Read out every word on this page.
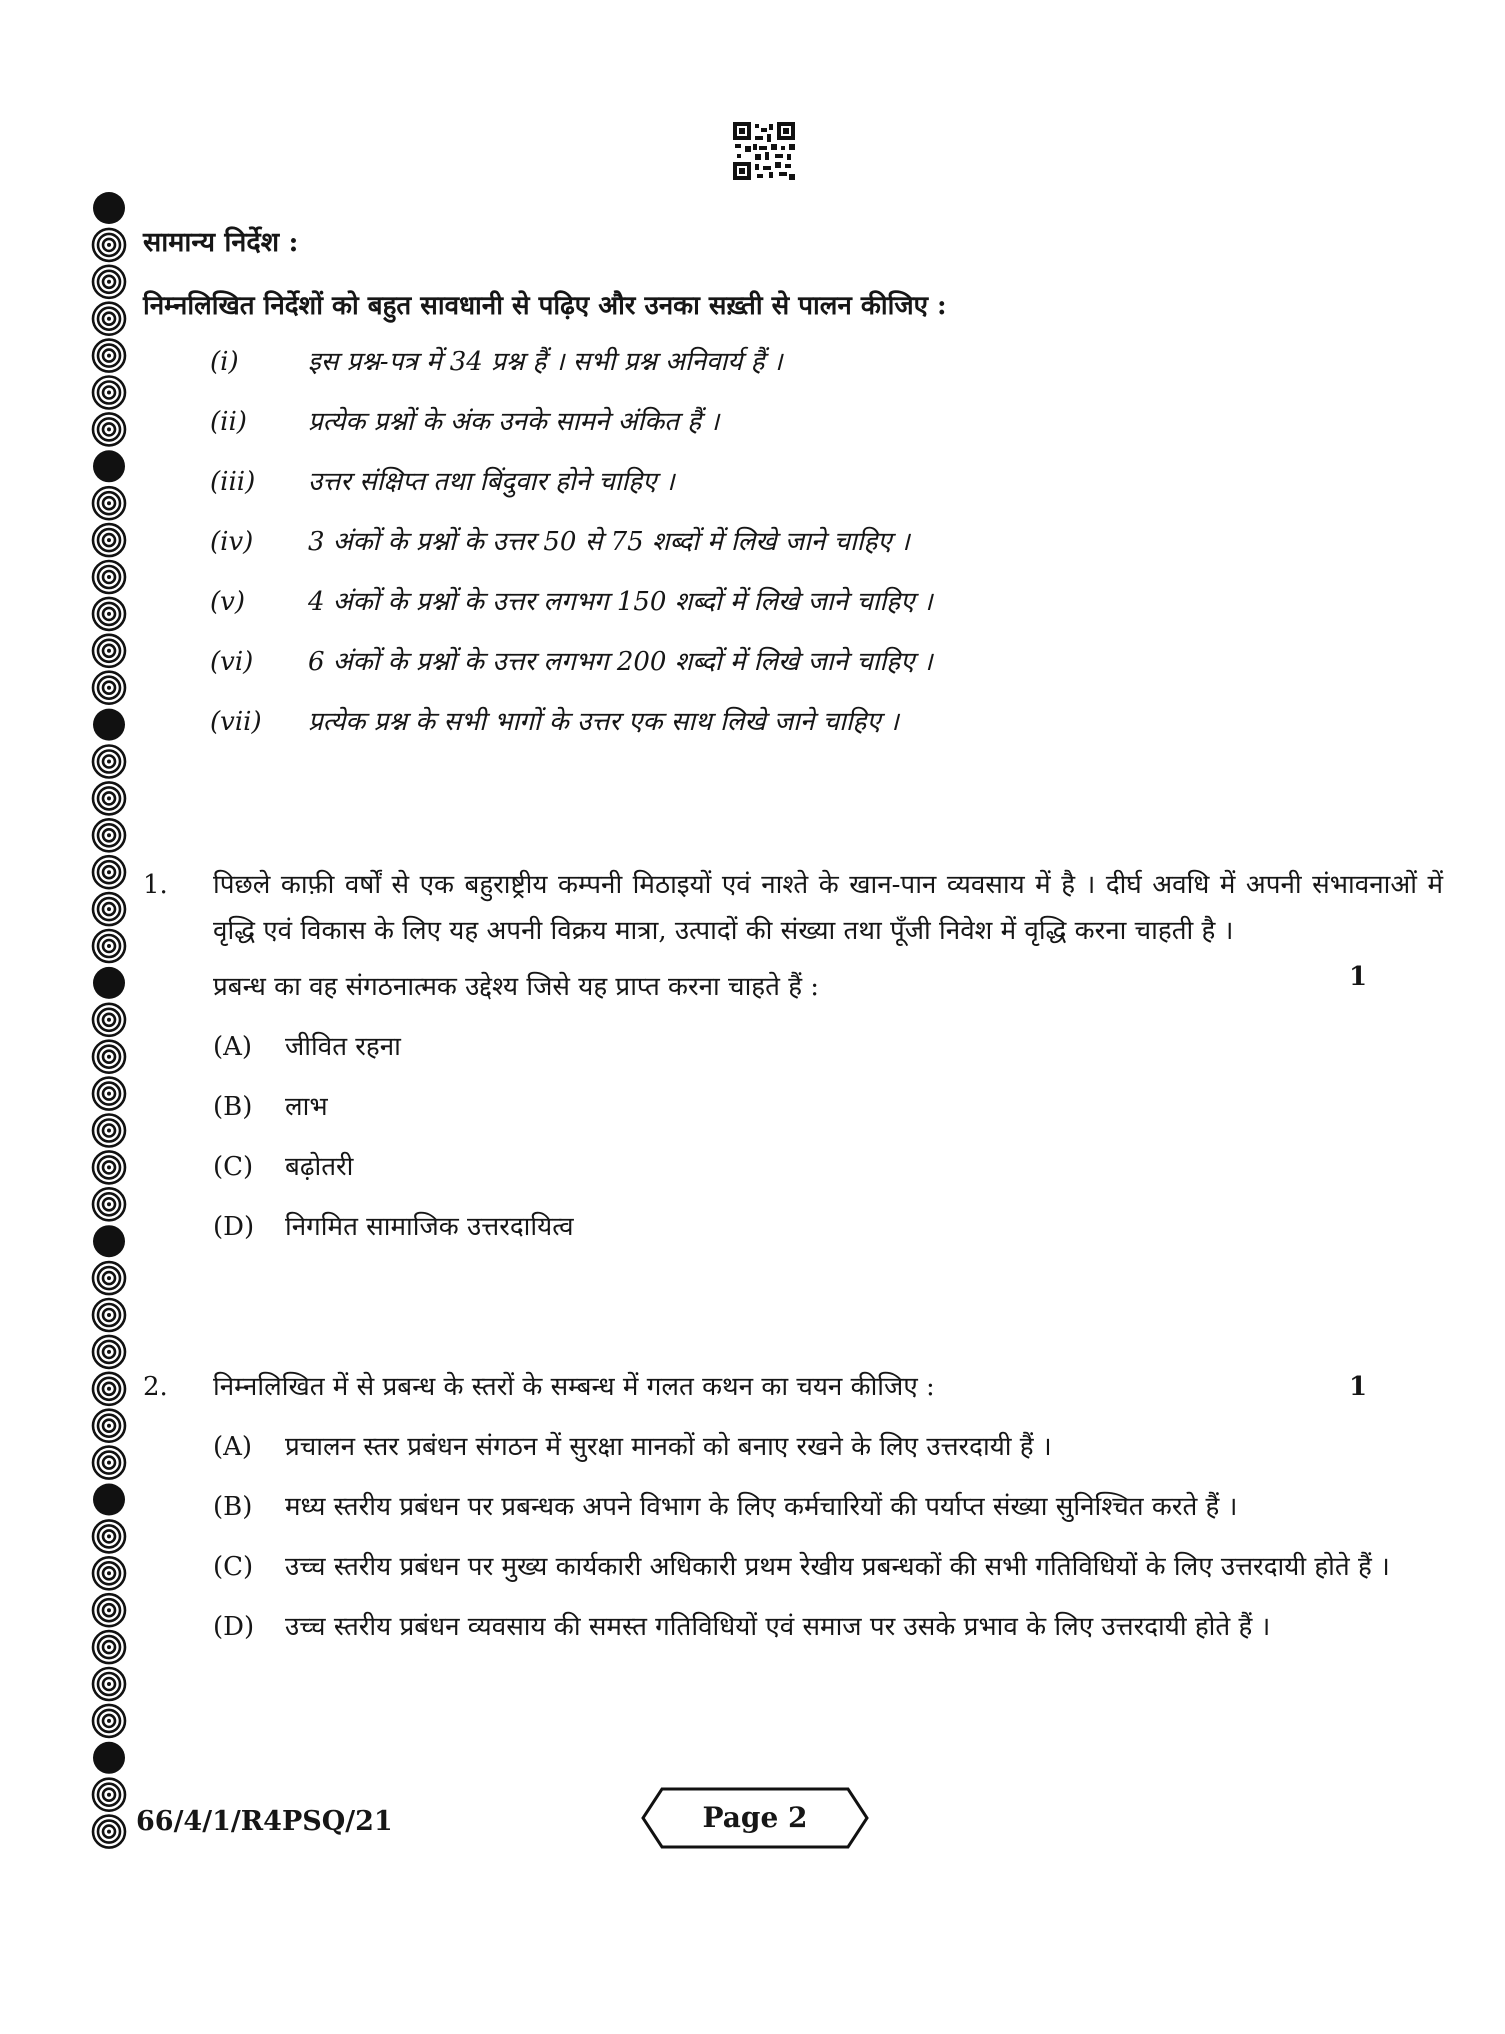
सामान्य निर्देश :
निम्नलिखित निर्देशों को बहुत सावधानी से पढ़िए और उनका सख़्ती से पालन कीजिए :
(i)	इस प्रश्न-पत्र में 34 प्रश्न हैं । सभी प्रश्न अनिवार्य हैं ।
(ii)	प्रत्येक प्रश्नों के अंक उनके सामने अंकित हैं ।
(iii)	उत्तर संक्षिप्त तथा बिंदुवार होने चाहिए ।
(iv)	3 अंकों के प्रश्नों के उत्तर 50 से 75 शब्दों में लिखे जाने चाहिए ।
(v)	4 अंकों के प्रश्नों के उत्तर लगभग 150 शब्दों में लिखे जाने चाहिए ।
(vi)	6 अंकों के प्रश्नों के उत्तर लगभग 200 शब्दों में लिखे जाने चाहिए ।
(vii)	प्रत्येक प्रश्न के सभी भागों के उत्तर एक साथ लिखे जाने चाहिए ।
1.	पिछले काफ़ी वर्षों से एक बहुराष्ट्रीय कम्पनी मिठाइयों एवं नाश्ते के खान-पान व्यवसाय में है । दीर्घ अवधि में अपनी संभावनाओं में वृद्धि एवं विकास के लिए यह अपनी विक्रय मात्रा, उत्पादों की संख्या तथा पूँजी निवेश में वृद्धि करना चाहती है ।
प्रबन्ध का वह संगठनात्मक उद्देश्य जिसे यह प्राप्त करना चाहते हैं :
(A) जीवित रहना
(B) लाभ
(C) बढ़ोतरी
(D) निगमित सामाजिक उत्तरदायित्व
1
2.	निम्नलिखित में से प्रबन्ध के स्तरों के सम्बन्ध में गलत कथन का चयन कीजिए :
(A) प्रचालन स्तर प्रबंधन संगठन में सुरक्षा मानकों को बनाए रखने के लिए उत्तरदायी हैं ।
(B) मध्य स्तरीय प्रबंधन पर प्रबन्धक अपने विभाग के लिए कर्मचारियों की पर्याप्त संख्या सुनिश्चित करते हैं ।
(C) उच्च स्तरीय प्रबंधन पर मुख्य कार्यकारी अधिकारी प्रथम रेखीय प्रबन्धकों की सभी गतिविधियों के लिए उत्तरदायी होते हैं ।
(D) उच्च स्तरीय प्रबंधन व्यवसाय की समस्त गतिविधियों एवं समाज पर उसके प्रभाव के लिए उत्तरदायी होते हैं ।
1
66/4/1/R4PSQ/21	Page 2
